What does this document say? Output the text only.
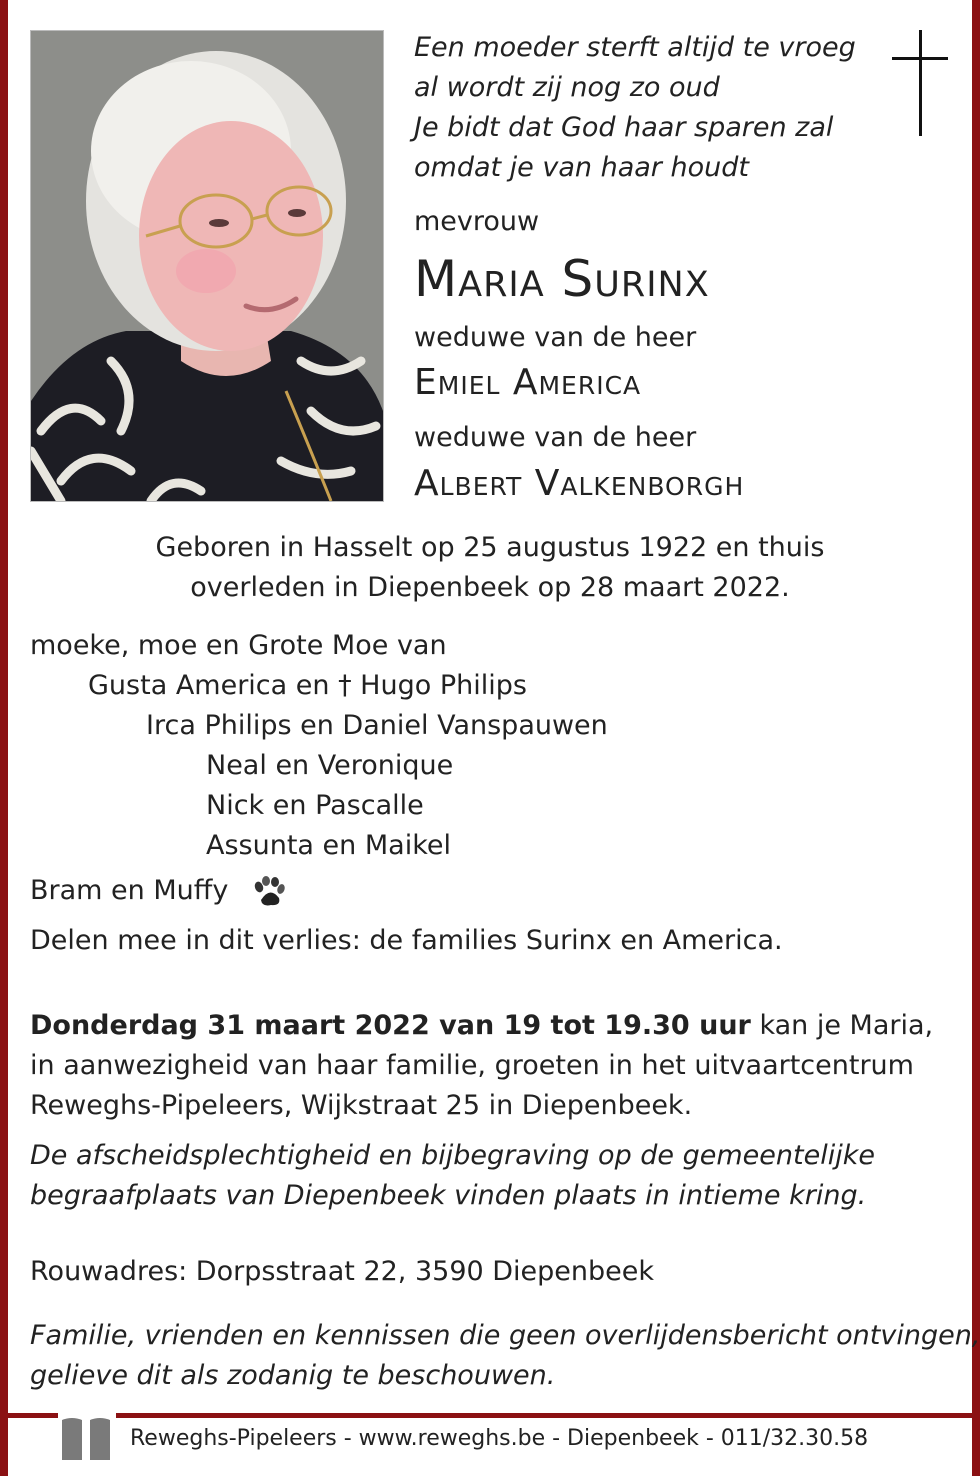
Een moeder sterft altijd te vroeg
al wordt zij nog zo oud
Je bidt dat God haar sparen zal
omdat je van haar houdt
mevrouw
Maria Surinx
weduwe van de heer
Emiel America
weduwe van de heer
Albert Valkenborgh
Geboren in Hasselt op 25 augustus 1922 en thuis
overleden in Diepenbeek op 28 maart 2022.
moeke, moe en Grote Moe van
Gusta America en † Hugo Philips
Irca Philips en Daniel Vanspauwen
Neal en Veronique
Nick en Pascalle
Assunta en Maikel
Bram en Muffy
Delen mee in dit verlies: de families Surinx en America.
Donderdag 31 maart 2022 van 19 tot 19.30 uur kan je Maria,
in aanwezigheid van haar familie, groeten in het uitvaartcentrum
Reweghs-Pipeleers, Wijkstraat 25 in Diepenbeek.
De afscheidsplechtigheid en bijbegraving op de gemeentelijke
begraafplaats van Diepenbeek vinden plaats in intieme kring.
Rouwadres: Dorpsstraat 22, 3590 Diepenbeek
Familie, vrienden en kennissen die geen overlijdensbericht ontvingen,
gelieve dit als zodanig te beschouwen.
Reweghs-Pipeleers - www.reweghs.be - Diepenbeek - 011/32.30.58
